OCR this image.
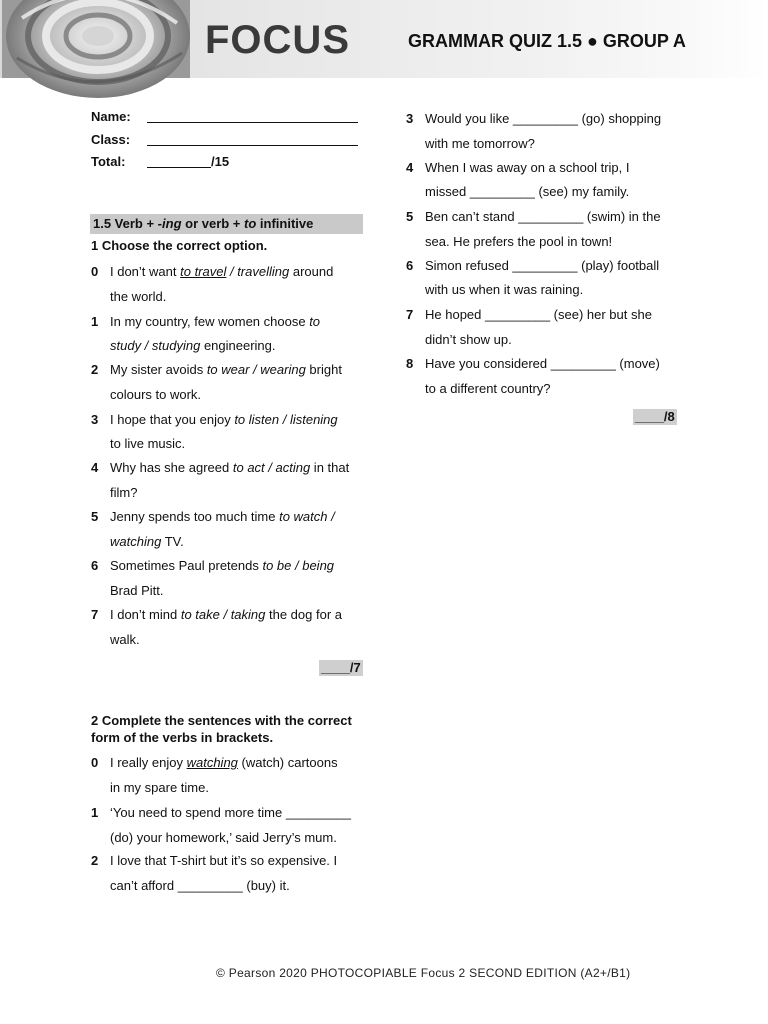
FOCUS	GRAMMAR QUIZ 1.5 ● GROUP A
Name:
Class:
Total:	/15
1.5 Verb + -ing or verb + to infinitive
1 Choose the correct option.
0 I don’t want to travel / travelling around
the world.
1 In my country, few women choose to
study / studying engineering.
2 My sister avoids to wear / wearing bright
colours to work.
3 I hope that you enjoy to listen / listening
to live music.
4 Why has she agreed to act / acting in that
film?
5 Jenny spends too much time to watch /
watching TV.
6 Sometimes Paul pretends to be / being
Brad Pitt.
7 I don’t mind to take / taking the dog for a
walk.
____/7
2 Complete the sentences with the correct
form of the verbs in brackets.
0 I really enjoy watching (watch) cartoons
in my spare time.
1 ‘You need to spend more time _________
(do) your homework,’ said Jerry’s mum.
2 I love that T-shirt but it’s so expensive. I
can’t afford _________ (buy) it.
3 Would you like _________ (go) shopping
with me tomorrow?
4 When I was away on a school trip, I
missed _________ (see) my family.
5 Ben can’t stand _________ (swim) in the
sea. He prefers the pool in town!
6 Simon refused _________ (play) football
with us when it was raining.
7 He hoped _________ (see) her but she
didn’t show up.
8 Have you considered _________ (move)
to a different country?
____/8
© Pearson 2020 PHOTOCOPIABLE Focus 2 SECOND EDITION (A2+/B1)
